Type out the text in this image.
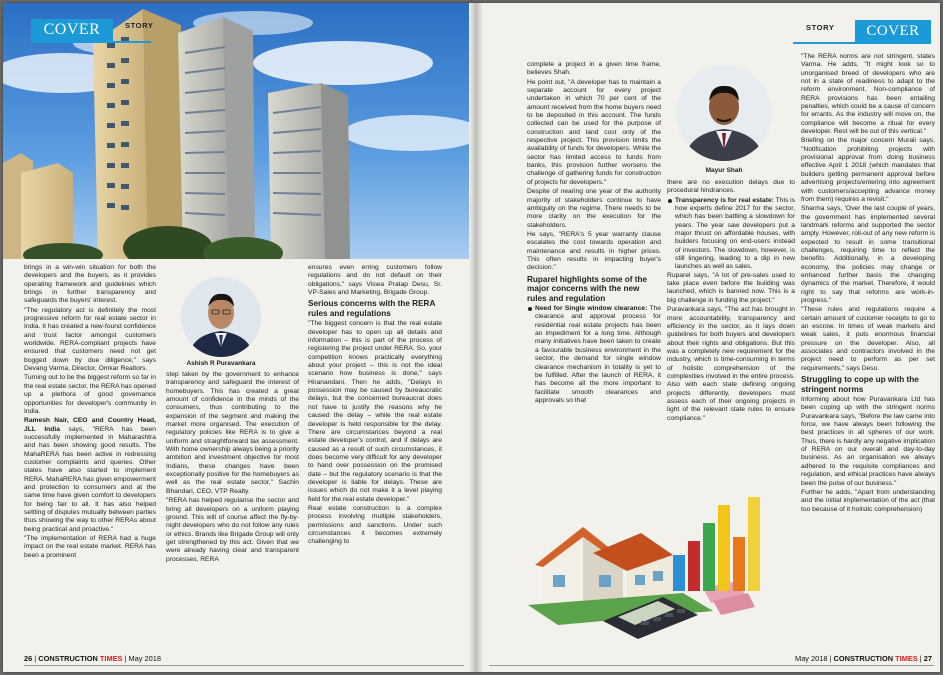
COVER	STORY

brings in a win-win situation for both the developers and the buyers, as it provides operating framework and guidelines which brings in further transparency and safeguards the buyers' interest.

"The regulatory act is definitely the most progressive reform for real estate sector in India. It has created a new-found confidence and trust factor amongst customers worldwide. RERA-compliant projects have ensured that customers need not get bogged down by due diligence," says Devang Varma, Director, Omkar Realtors.

Turning out to be the biggest reform so far in the real estate sector, the RERA has opened up a plethora of good governance opportunities for developer's community in India.

Ramesh Nair, CEO and Country Head, JLL India says, "RERA has been successfully implemented in Maharashtra and has been showing good results. The MahaRERA has been active in redressing customer complaints and queries. Other states have also started to implement RERA. MahaRERA has given empowerment and protection to consumers and at the same time have given comfort to developers for being fair to all. It has also helped settling of disputes mutually between parties thus showing the way to other RERAs about being practical and proactive."

"The implementation of RERA had a huge impact on the real estate market. RERA has been a prominent

Ashish R Puravankara

step taken by the government to enhance transparency and safeguard the interest of homebuyers. This has created a great amount of confidence in the minds of the consumers, thus contributing to the expansion of the segment and making the market more organised. The execution of regulatory policies like RERA is to give a uniform and straightforward tax assessment. With home ownership always being a priority ambition and investment objective for most Indians, these changes have been exceptionally positive for the homebuyers as well as the real estate sector," Sachin Bhandari, CEO, VTP Realty.

"RERA has helped regularise the sector and bring all developers on a uniform playing ground. This will of course affect the fly-by-night developers who do not follow any rules or ethics. Brands like Brigade Group will only get strengthened by this act. Given that we were already having clear and transparent processes, RERA

ensures even erring customers follow regulations and do not default on their obligations," says Viswa Pratap Desu, Sr. VP-Sales and Marketing, Brigade Group.

Serious concerns with the RERA rules and regulations

"The biggest concern is that the real estate developer has to open up all details and information – this is part of the process of registering the project under RERA. So, your competition knows practically everything about your project – this is not the ideal scenario how business is done," says Hiranandani. Then he adds, "Delays in possession may be caused by bureaucratic delays, but the concerned bureaucrat does not have to justify the reasons why he caused the delay – while the real estate developer is held responsible for the delay. There are circumstances beyond a real estate developer's control, and if delays are caused as a result of such circumstances, it does become very difficult for any developer to hand over possession on the promised date – but the regulatory scenario is that the developer is liable for delays. These are issues which do not make it a level playing field for the real estate developer."

Real estate construction is a complex process involving multiple stakeholders, permissions and sanctions. Under such circumstances it becomes extremely challenging to

26 | CONSTRUCTION TIMES | May 2018
STORY	COVER

complete a project in a given time frame, believes Shah.

He point out, "A developer has to maintain a separate account for every project undertaken in which 70 per cent of the amount received from the home buyers need to be deposited in this account. The funds collected can be used for the purpose of construction and land cost only of the respective project. This provision limits the availability of funds for developers. While the sector has limited access to funds from banks, this provision further worsens the challenge of gathering funds for construction of projects for developers."

Despite of nearing one year of the authority majority of stakeholders continue to have ambiguity on the regime. There needs to be more clarity on the execution for the stakeholders.

He says, "RERA's 5 year warranty clause escalates the cost towards operation and maintenance and results in higher prices. This often results in impacting buyer's decision."

Ruparel highlights some of the major concerns with the new rules and regulation
Need for Single window clearance: The clearance and approval process for residential real estate projects has been an impediment for a long time. Although many initiatives have been taken to create a favourable business environment in the sector, the demand for single window clearance mechanism in totality is yet to be fulfilled. After the launch of RERA, it has become all the more important to facilitate smooth clearances and approvals so that
Mayur Shah

there are no execution delays due to procedural hindrances.

Transparency is for real estate: This is how experts define 2017 for the sector, which has been battling a slowdown for years. The year saw developers put a major thrust on affordable houses, with builders focusing on end-users instead of investors. The slowdown, however, is still lingering, leading to a dip in new launches as well as sales.

Ruparel says, "A lot of pre-sales used to take place even before the building was launched, which is banned now. This is a big challenge in funding the project."

Puravankara says, "The act has brought in more accountability, transparency and efficiency in the sector, as it lays down guidelines for both buyers and developers about their rights and obligations. But this was a completely new requirement for the industry, which is time-consuming in terms of holistic comprehension of the complexities involved in the entire process. Also with each state defining ongoing projects differently, developers must assess each of their ongoing projects in light of the relevant state rules to ensure compliance."

"The RERA norms are not stringent, states Varma. He adds, "It might look so to unorganised breed of developers who are not in a state of readiness to adapt to the reform environment. Non-compliance of RERA provisions has been entailing penalties, which could be a cause of concern for errants. As the industry will move on, the compliance will become a ritual for every developer. Rest will be out of this vertical."

Briefing on the major concern Murali says, "Notification prohibiting projects with provisional approval from doing business effective April 1 2018 (which mandates that builders getting permanent approval before advertising projects/entering into agreement with customers/accepting advance money from them) requires a revisit."

Sharma says, 'Over the last couple of years, the government has implemented several landmark reforms and supported the sector amply. However, roll-out of any new reform is expected to result in some transitional challenges, requiring time to reflect the benefits. Additionally, in a developing economy, the policies may change or enhanced further basis the changing dynamics of the market. Therefore, it would right to say that reforms are work-in-progress."

"These rules and regulations require a certain amount of customer receipts to go to an escrow. In times of weak markets and weak sales, it puts enormous financial pressure on the developer. Also, all associates and contractors involved in the project need to perform as per set requirements," says Desu.

Struggling to cope up with the stringent norms

Informing about how Puravankara Ltd has been coping up with the stringent norms Puravankara says, "Before the law came into force, we have always been following the best practices in all spheres of our work. Thus, there is hardly any negative implication of RERA on our overall and day-to-day business. As an organisation we always adhered to the requisite compliances and regulation, and ethical practices have always been the pulse of our business."

Further he adds, "Apart from understanding and the initial implementation of the act (that too because of it holistic comprehension)

May 2018 | CONSTRUCTION TIMES | 27
